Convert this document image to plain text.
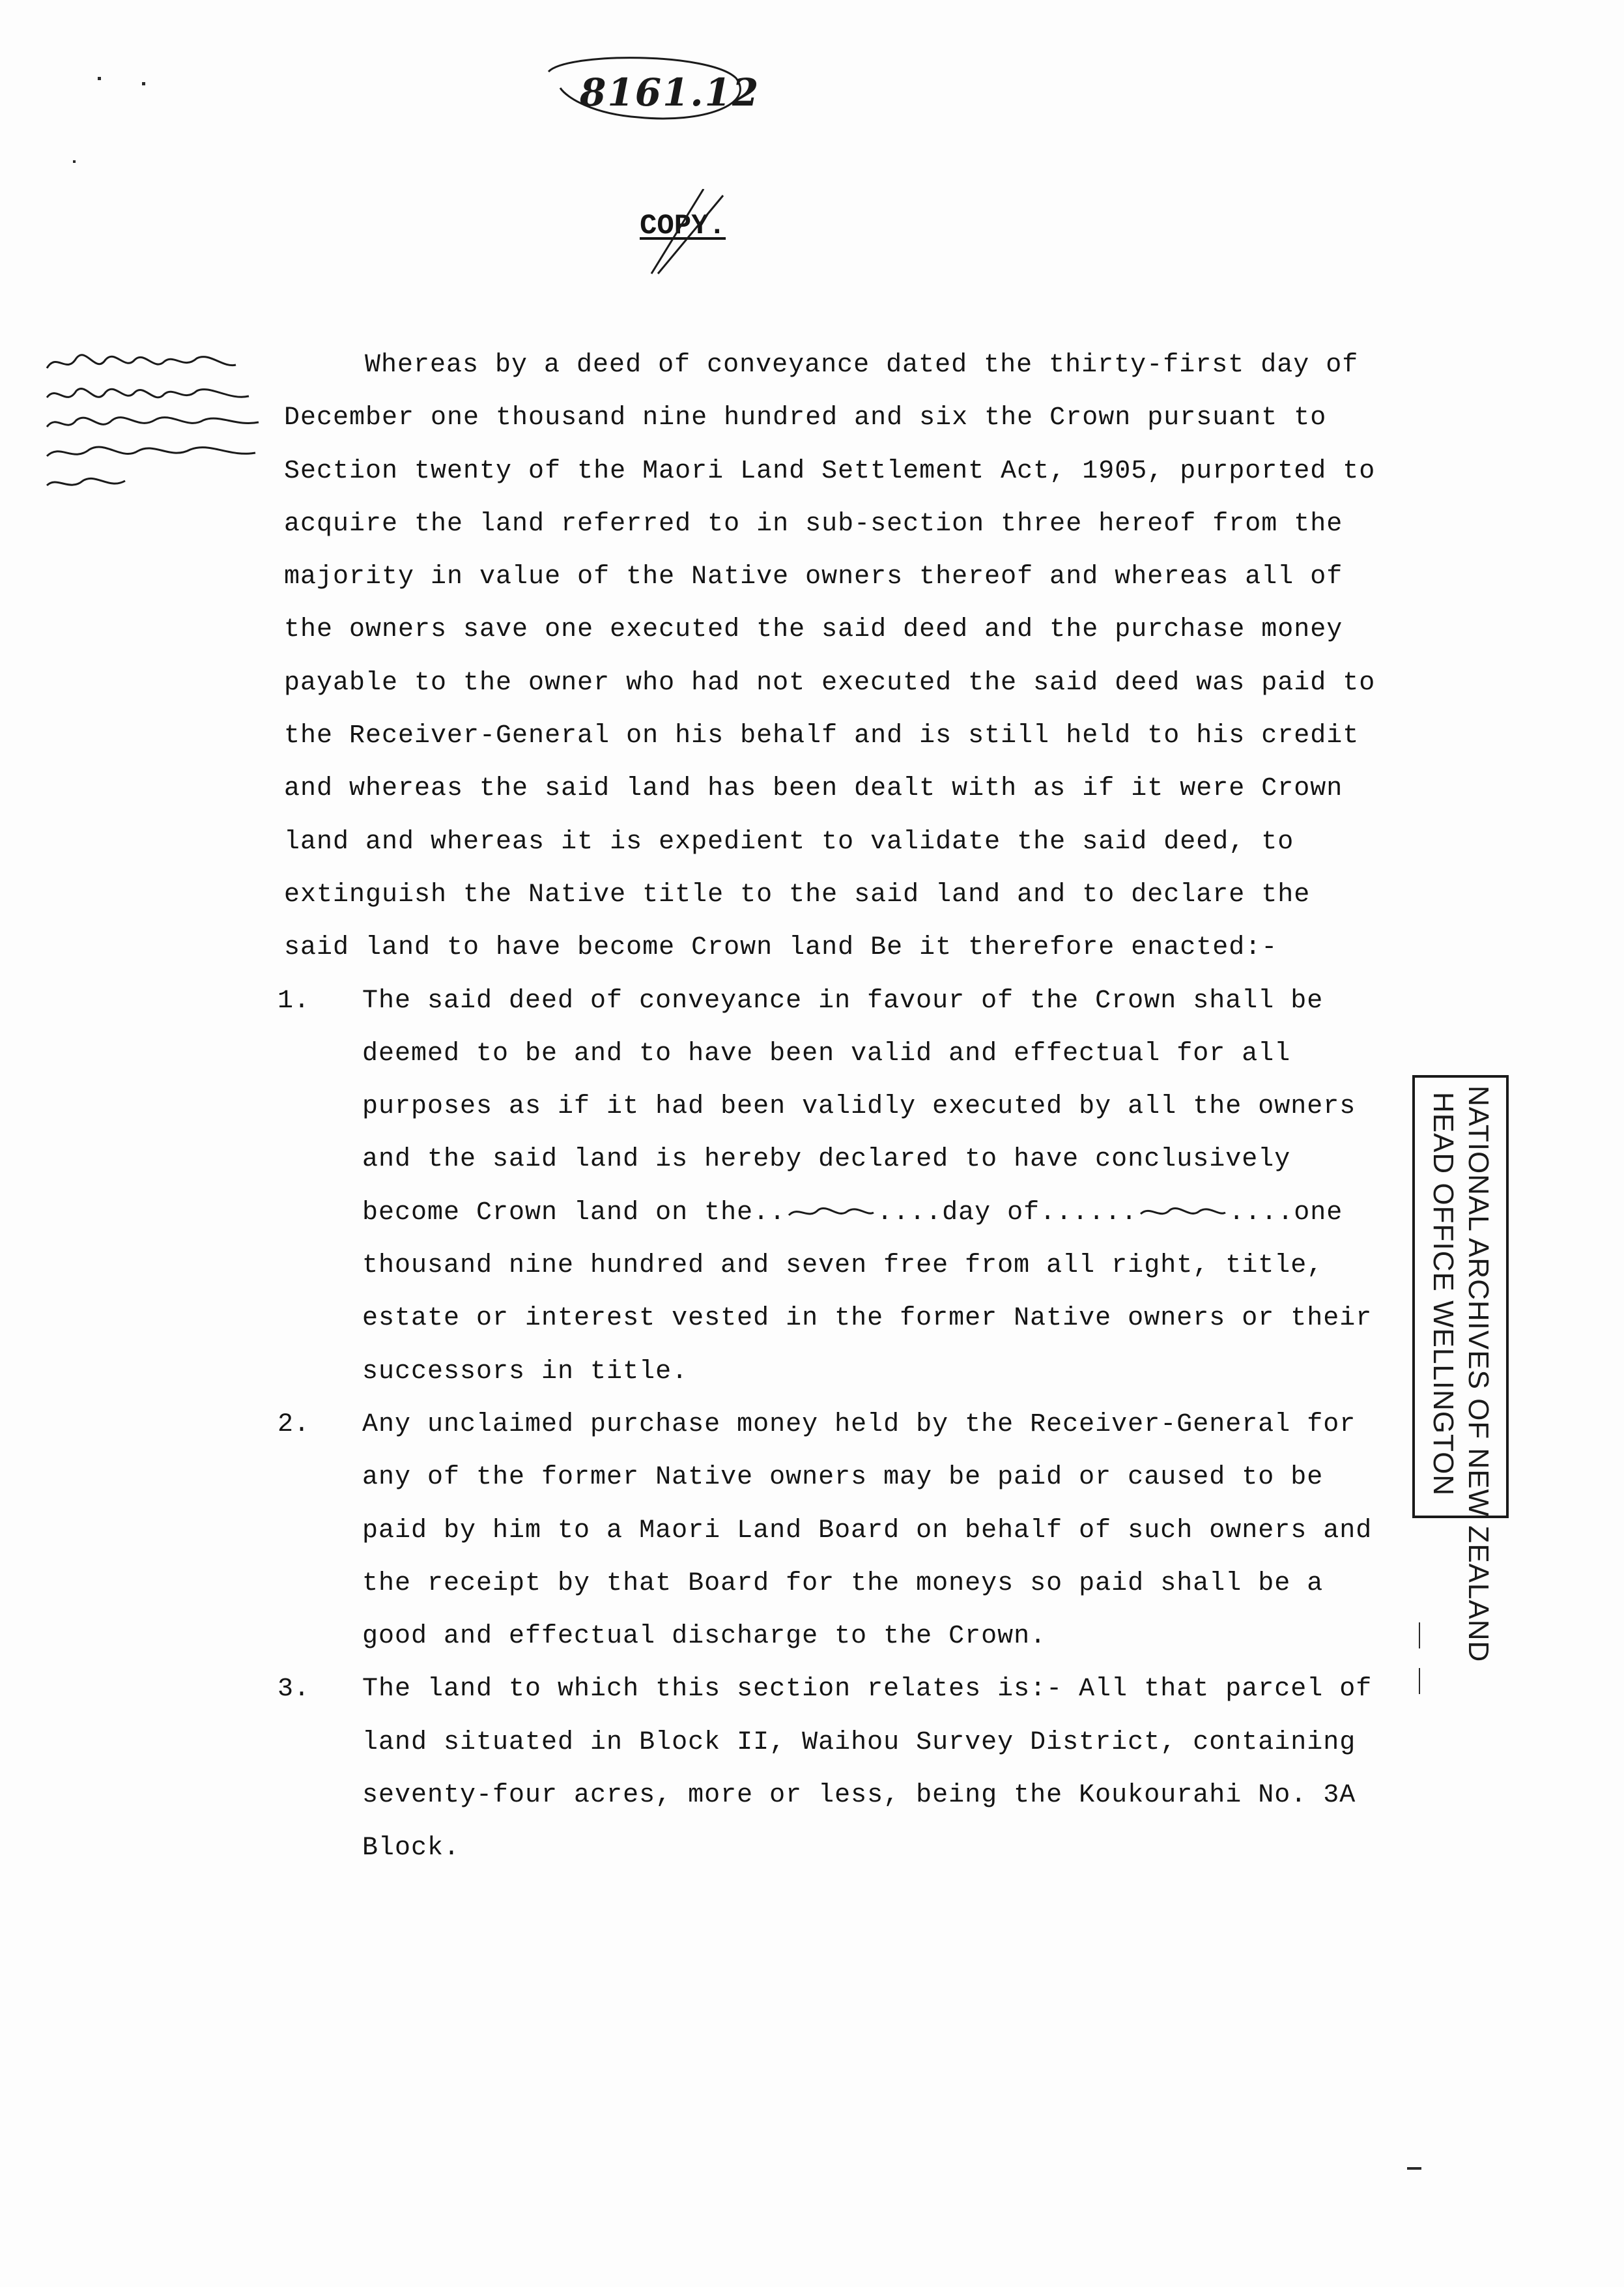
8161.12
COPY.
NATIONAL ARCHIVES OF NEW ZEALAND
HEAD OFFICE WELLINGTON

Whereas by a deed of conveyance dated the thirty-first day of December one thousand nine hundred and six the Crown pursuant to Section twenty of the Maori Land Settlement Act, 1905, purported to acquire the land referred to in sub-section three hereof from the majority in value of the Native owners thereof and whereas all of the owners save one executed the said deed and the purchase money payable to the owner who had not executed the said deed was paid to the Receiver-General on his behalf and is still held to his credit and whereas the said land has been dealt with as if it were Crown land and whereas it is expedient to validate the said deed, to extinguish the Native title to the said land and to declare the said land to have become Crown land Be it therefore enacted:-

1. The said deed of conveyance in favour of the Crown shall be deemed to be and to have been valid and effectual for all purposes as if it had been validly executed by all the owners and the said land is hereby declared to have conclusively become Crown land on the..	....day of......	....one thousand nine hundred and seven free from all right, title, estate or interest vested in the former Native owners or their successors in title.

2. Any unclaimed purchase money held by the Receiver-General for any of the former Native owners may be paid or caused to be paid by him to a Maori Land Board on behalf of such owners and the receipt by that Board for the moneys so paid shall be a good and effectual discharge to the Crown.

3. The land to which this section relates is:- All that parcel of land situated in Block II, Waihou Survey District, containing seventy-four acres, more or less, being the Koukourahi No. 3A Block.
